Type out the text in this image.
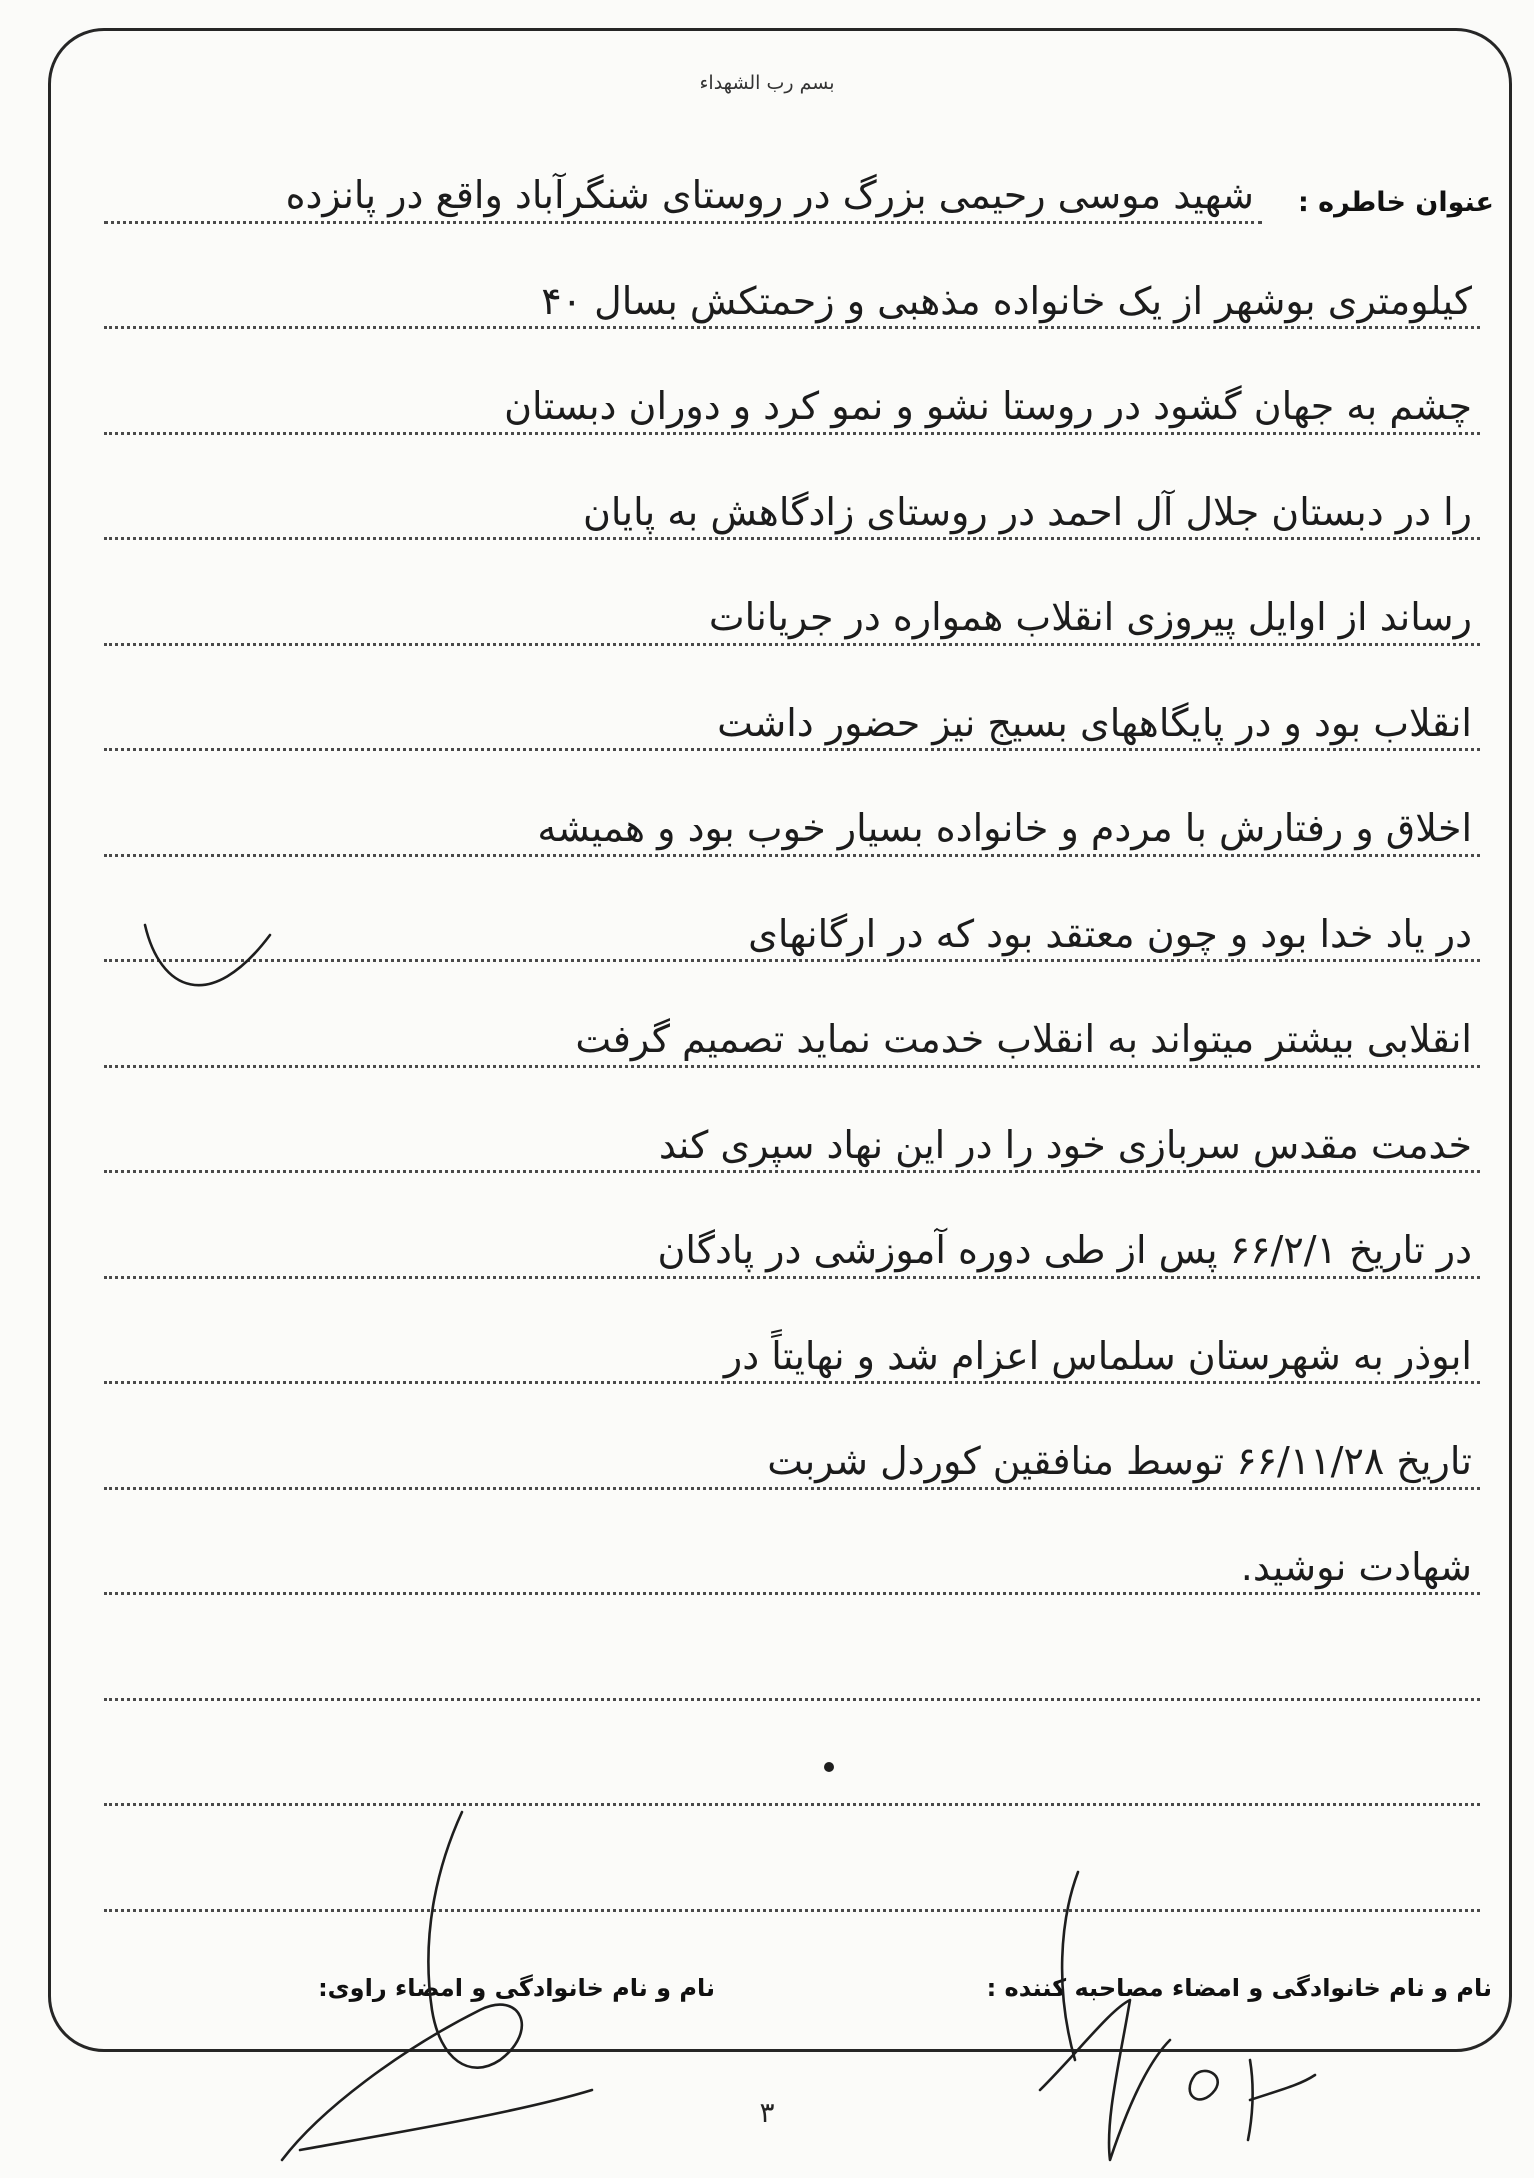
بسم رب الشهداء
عنوان خاطره :
شهید موسی رحیمی بزرگ در روستای شنگرآباد واقع در پانزده
کیلومتری بوشهر از یک خانواده مذهبی و زحمتکش بسال ۴۰
چشم به جهان گشود در روستا نشو و نمو کرد و دوران دبستان
را در دبستان جلال آل احمد در روستای زادگاهش به پایان
رساند از اوایل پیروزی انقلاب همواره در جریانات
انقلاب بود و در پایگاههای بسیج نیز حضور داشت
اخلاق و رفتارش با مردم و خانواده بسیار خوب بود و همیشه
در یاد خدا بود و چون معتقد بود که در ارگانهای
انقلابی بیشتر میتواند به انقلاب خدمت نماید تصمیم گرفت
خدمت مقدس سربازی خود را در این نهاد سپری کند
در تاریخ ۶۶/۲/۱ پس از طی دوره آموزشی در پادگان
ابوذر به شهرستان سلماس اعزام شد و نهایتاً در
تاریخ ۶۶/۱۱/۲۸ توسط منافقین کوردل شربت
شهادت نوشید.
نام و نام خانوادگی و امضاء مصاحبه کننده :
نام و نام خانوادگی و امضاء راوی:
۳
